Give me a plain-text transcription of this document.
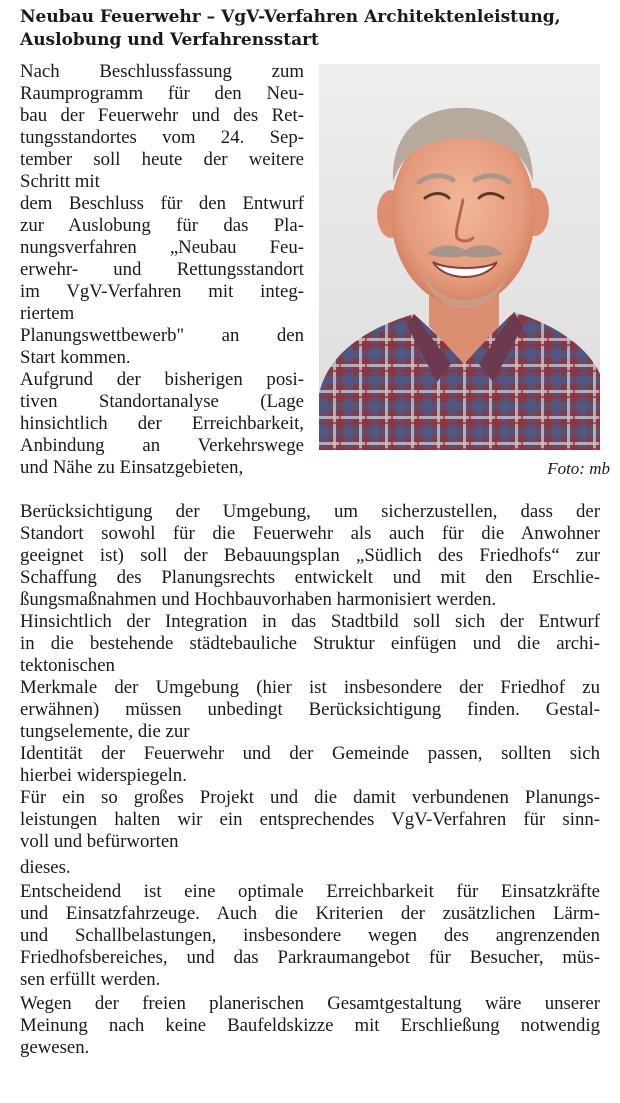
Neubau Feuerwehr – VgV-Verfahren Architektenleistung,
Auslobung und Verfahrensstart
Nach Beschlussfassung zum
Raumprogramm für den Neu-
bau der Feuerwehr und des Ret-
tungsstandortes vom 24. Sep-
tember soll heute der weitere
Schritt mit
dem Beschluss für den Entwurf
zur Auslobung für das Pla-
nungsverfahren „Neubau Feu-
erwehr- und Rettungsstandort
im VgV-Verfahren mit integ-
riertem
Planungswettbewerb" an den
Start kommen.
Aufgrund der bisherigen posi-
tiven Standortanalyse (Lage
hinsichtlich der Erreichbarkeit,
Anbindung an Verkehrswege
und Nähe zu Einsatzgebieten,	Foto: mb
Berücksichtigung der Umgebung, um sicherzustellen, dass der
Standort sowohl für die Feuerwehr als auch für die Anwohner
geeignet ist) soll der Bebauungsplan „Südlich des Friedhofs“ zur
Schaffung des Planungsrechts entwickelt und mit den Erschlie-
ßungsmaßnahmen und Hochbauvorhaben harmonisiert werden.
Hinsichtlich der Integration in das Stadtbild soll sich der Entwurf
in die bestehende städtebauliche Struktur einfügen und die archi-
tektonischen
Merkmale der Umgebung (hier ist insbesondere der Friedhof zu
erwähnen) müssen unbedingt Berücksichtigung finden. Gestal-
tungselemente, die zur
Identität der Feuerwehr und der Gemeinde passen, sollten sich
hierbei widerspiegeln.
Für ein so großes Projekt und die damit verbundenen Planungs-
leistungen halten wir ein entsprechendes VgV-Verfahren für sinn-
voll und befürworten
dieses.
Entscheidend ist eine optimale Erreichbarkeit für Einsatzkräfte
und Einsatzfahrzeuge. Auch die Kriterien der zusätzlichen Lärm-
und Schallbelastungen, insbesondere wegen des angrenzenden
Friedhofsbereiches, und das Parkraumangebot für Besucher, müs-
sen erfüllt werden.
Wegen der freien planerischen Gesamtgestaltung wäre unserer
Meinung nach keine Baufeldskizze mit Erschließung notwendig
gewesen.
